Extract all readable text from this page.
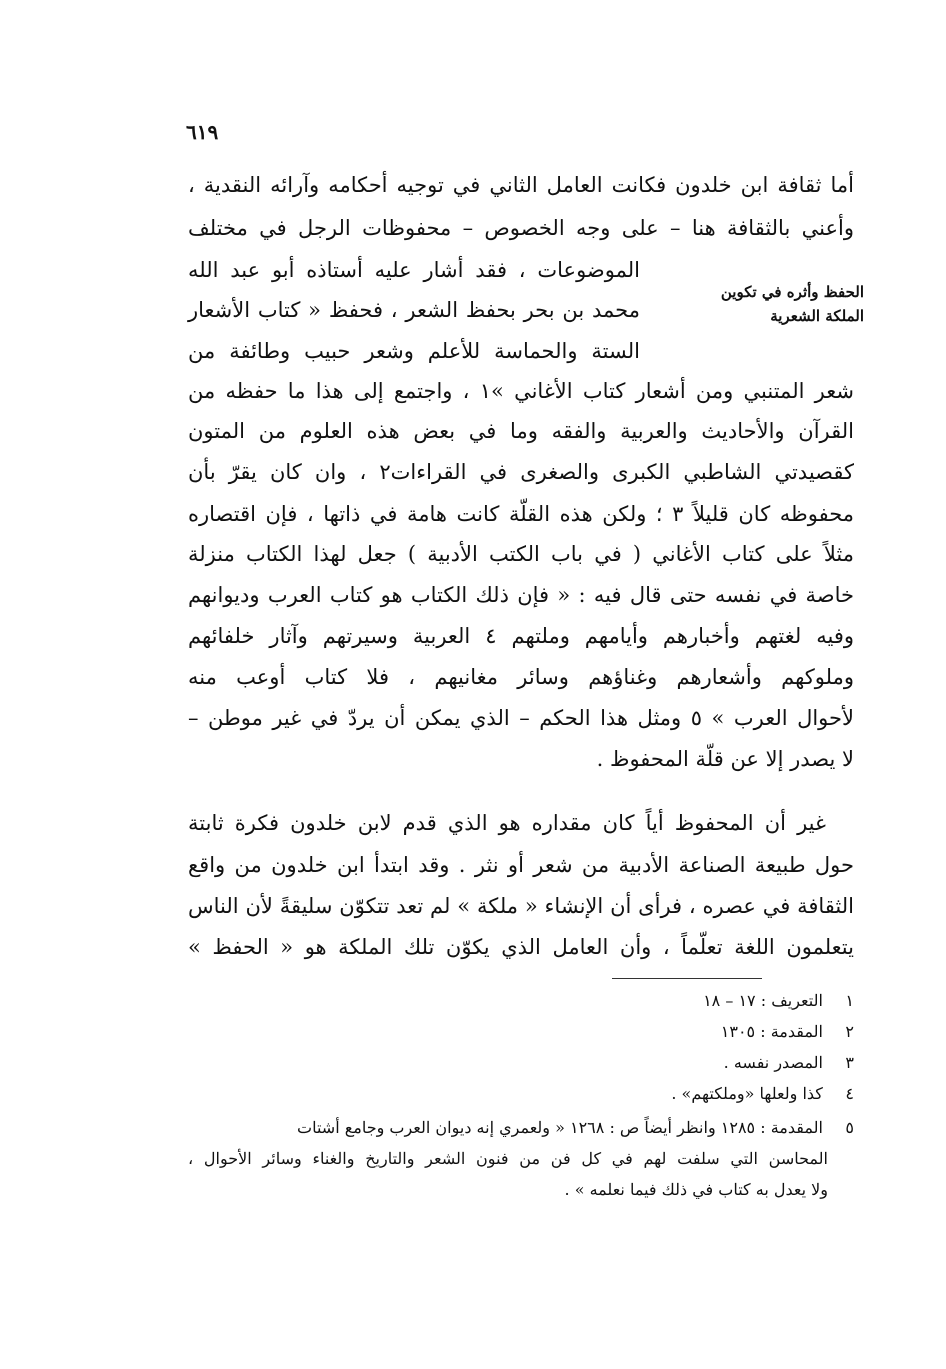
٦١٩
الحفظ وأثره في تكوين
الملكة الشعرية
أما ثقافة ابن خلدون فكانت العامل الثاني في توجيه أحكامه وآرائه النقدية ،
وأعني بالثقافة هنا – على وجه الخصوص – محفوظات الرجل في مختلف
الموضوعات ، فقد أشار عليه أستاذه أبو عبد الله
محمد بن بحر بحفظ الشعر ، فحفظ « كتاب الأشعار
الستة والحماسة للأعلم وشعر حبيب وطائفة من
شعر المتنبي ومن أشعار كتاب الأغاني »١ ، واجتمع إلى هذا ما حفظه من
القرآن والأحاديث والعربية والفقه وما في بعض هذه العلوم من المتون
كقصيدتي الشاطبي الكبرى والصغرى في القراءات٢ ، وان كان يقرّ بأن
محفوظه كان قليلاً ٣ ؛ ولكن هذه القلّة كانت هامة في ذاتها ، فإن اقتصاره
مثلاً على كتاب الأغاني ( في باب الكتب الأدبية ) جعل لهذا الكتاب منزلة
خاصة في نفسه حتى قال فيه : « فإن ذلك الكتاب هو كتاب العرب وديوانهم
وفيه لغتهم وأخبارهم وأيامهم وملتهم ٤ العربية وسيرتهم وآثار خلفائهم
وملوكهم وأشعارهم وغناؤهم وسائر مغانيهم ، فلا كتاب أوعب منه
لأحوال العرب » ٥ ومثل هذا الحكم – الذي يمكن أن يردّ في غير موطن –
لا يصدر إلا عن قلّة المحفوظ .
غير أن المحفوظ أياً كان مقداره هو الذي قدم لابن خلدون فكرة ثابتة
حول طبيعة الصناعة الأدبية من شعر أو نثر . وقد ابتدأ ابن خلدون من واقع
الثقافة في عصره ، فرأى أن الإنشاء « ملكة » لم تعد تتكوّن سليقةً لأن الناس
يتعلمون اللغة تعلّماً ، وأن العامل الذي يكوّن تلك الملكة هو « الحفظ »
١ التعريف : ١٧ – ١٨
٢ المقدمة : ١٣٠٥
٣ المصدر نفسه .
٤ كذا ولعلها «وملكتهم» .
٥ المقدمة : ١٢٨٥ وانظر أيضاً ص : ١٢٦٨ « ولعمري إنه ديوان العرب وجامع أشتات
المحاسن التي سلفت لهم في كل فن من فنون الشعر والتاريخ والغناء وسائر الأحوال ،
ولا يعدل به كتاب في ذلك فيما نعلمه » .
